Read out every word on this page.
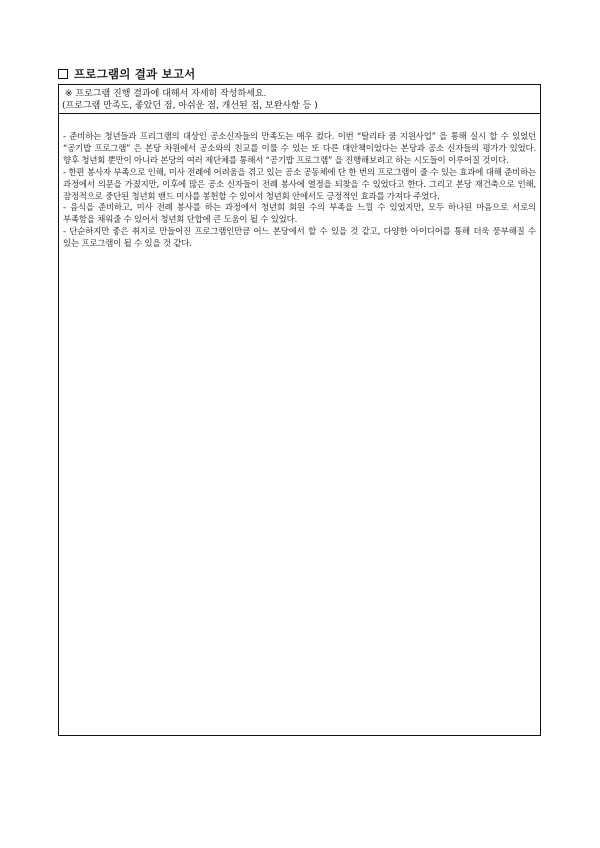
프로그램의 결과 보고서
※ 프로그램 진행 결과에 대해서 자세히 작성하세요.
(프로그램 만족도, 좋았던 점, 아쉬운 점, 개선된 점, 보완사항 등 )

- 준비하는 청년들과 프리그램의 대상인 공소신자들의 만족도는 매우 컸다. 이번 “탈리타 쿰 지원사업” 을 통해 실시 할 수 있었던 “공기밥 프로그램” 은 본당 차원에서 공소와의 친교를 이룰 수 있는 또 다른 대안책이었다는 본당과 공소 신자들의 평가가 있었다. 향후 청년회 뿐만이 아니라 본당의 여러 제단체를 통해서 “공기밥 프로그램” 을 진행해보려고 하는 시도들이 이루어질 것이다.

- 한편 봉사자 부족으로 인해, 미사 전례에 어려움을 겪고 있는 공소 공동체에 단 한 번의 프로그램이 줄 수 있는 효과에 대해 준비하는 과정에서 의문을 가졌지만, 이후에 많은 공소 신자들이 전례 봉사에 열정을 되찾을 수 있었다고 한다. 그리고 본당 재건축으로 인해, 잠정적으로 중단된 청년회 밴드 미사를 봉헌할 수 있어서 청년회 안에서도 긍정적인 효과를 가져다 주었다.

- 음식을 준비하고, 미사 전례 봉사를 하는 과정에서 청년회 회원 수의 부족을 느낄 수 있었지만, 모두 하나된 마음으로 서로의 부족함을 채워줄 수 있어서 청년회 단합에 큰 도움이 될 수 있었다.

- 단순하지만 좋은 취지로 만들어진 프로그램인만큼 어느 본당에서 할 수 있을 것 같고, 다양한 아이디어를 통해 더욱 풍부해질 수 있는 프로그램이 될 수 있을 것 같다.
